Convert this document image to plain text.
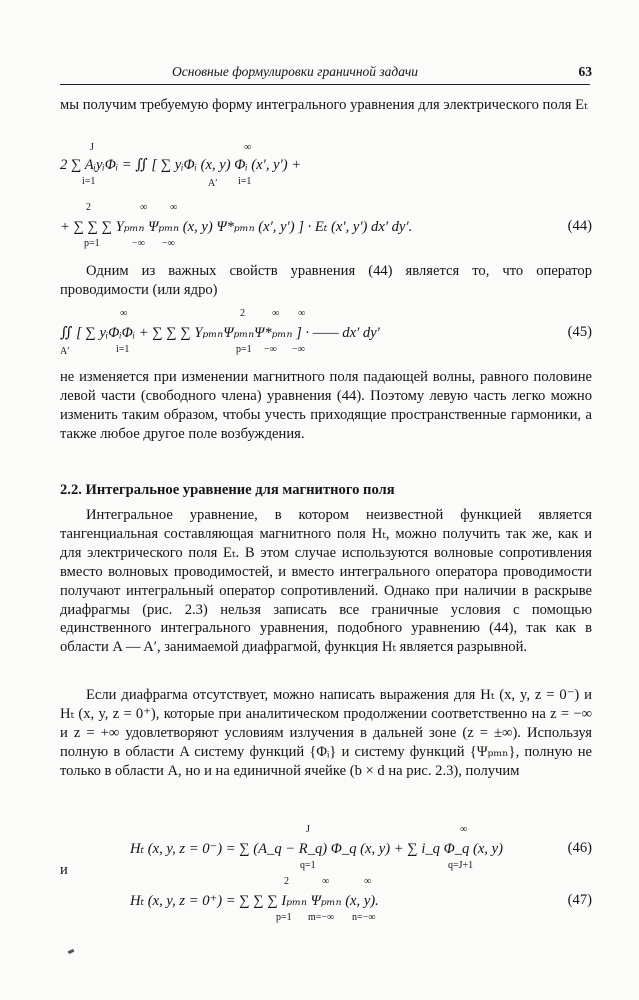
Основные формулировки граничной задачи	63

мы получим требуемую форму интегрального уравнения для электрического поля Eₜ

J
i=1
∞
A′ i=1
2 ∑ AᵢyᵢΦᵢ = ∬ [ ∑ yᵢΦᵢ (x, y) Φᵢ (x′, y′) +
2
p=1
∞
−∞
∞
−∞
+ ∑ ∑ ∑ Yₚₘₙ Ψₚₘₙ (x, y) Ψ*ₚₘₙ (x′, y′) ] · Eₜ (x′, y′) dx′ dy′.	(44)

Одним из важных свойств уравнения (44) является то, что оператор проводимости (или ядро)

∞
i=1
A′
2
p=1
∞
−∞
∞
−∞
∬ [ ∑ yᵢΦᵢΦᵢ + ∑ ∑ ∑ YₚₘₙΨₚₘₙΨ*ₚₘₙ ] · —— dx′ dy′	(45)

не изменяется при изменении магнитного поля падающей волны, равного половине левой части (свободного члена) уравнения (44). Поэтому левую часть легко можно изменить таким образом, чтобы учесть приходящие пространственные гармоники, а также любое другое поле возбуждения.

2.2. Интегральное уравнение для магнитного поля

Интегральное уравнение, в котором неизвестной функцией является тангенциальная составляющая магнитного поля Hₜ, можно получить так же, как и для электрического поля Eₜ. В этом случае используются волновые сопротивления вместо волновых проводимостей, и вместо интегрального оператора проводимости получают интегральный оператор сопротивлений. Однако при наличии в раскрыве диафрагмы (рис. 2.3) нельзя записать все граничные условия с помощью единственного интегрального уравнения, подобного уравнению (44), так как в области A — A′, занимаемой диафрагмой, функция Hₜ является разрывной.

Если диафрагма отсутствует, можно написать выражения для Hₜ (x, y, z = 0⁻) и Hₜ (x, y, z = 0⁺), которые при аналитическом продолжении соответственно на z = −∞ и z = +∞ удовлетворяют условиям излучения в дальней зоне (z = ±∞). Используя полную в области A систему функций {Φᵢ} и систему функций {Ψₚₘₙ}, полную не только в области A, но и на единичной ячейке (b × d на рис. 2.3), получим

J
q=1
∞
q=J+1
Hₜ (x, y, z = 0⁻) = ∑ (A_q − R_q) Φ_q (x, y) + ∑ i_q Φ_q (x, y)	(46)
и
2
p=1
∞
m=−∞
∞
n=−∞
Hₜ (x, y, z = 0⁺) = ∑ ∑ ∑ Iₚₘₙ Ψₚₘₙ (x, y).	(47)
